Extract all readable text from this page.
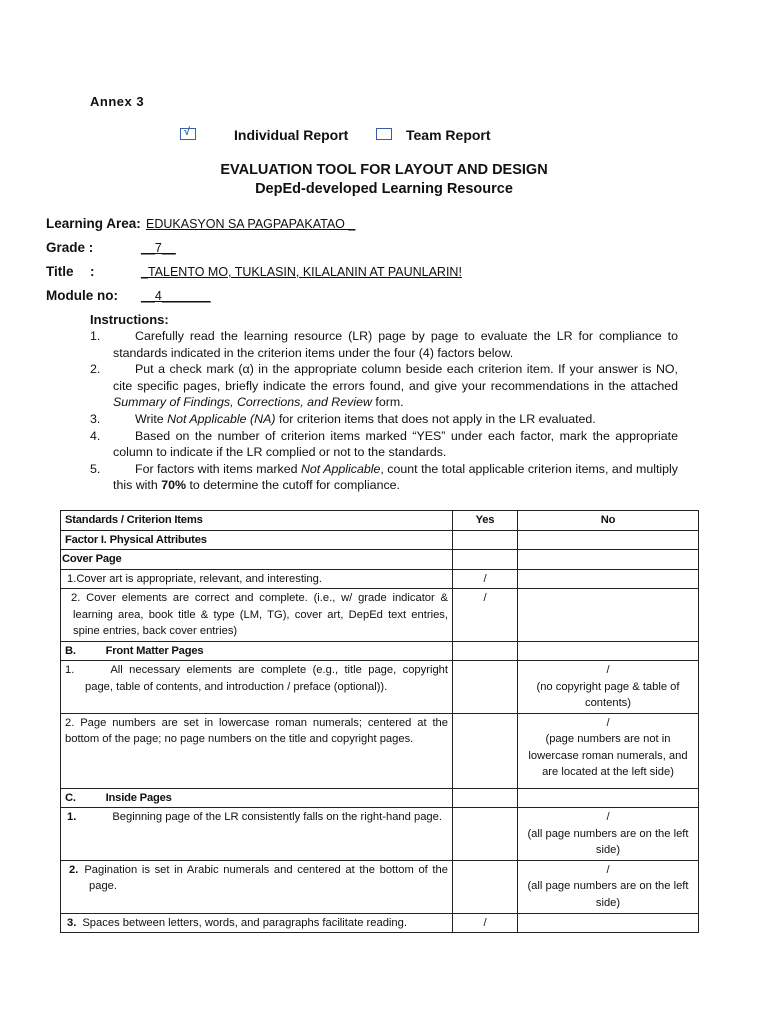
Annex 3
√	Individual Report	Team Report
EVALUATION TOOL FOR LAYOUT AND DESIGN
DepEd-developed Learning Resource
Learning Area: EDUKASYON SA PAGPAPAKATAO _
Grade :	__7__
Title :	_TALENTO MO, TUKLASIN, KILALANIN AT PAUNLARIN!
Module no: __4_______
Instructions:
1.	Carefully read the learning resource (LR) page by page to evaluate the LR for compliance to standards indicated in the criterion items under the four (4) factors below.
2.	Put a check mark (α) in the appropriate column beside each criterion item. If your answer is NO, cite specific pages, briefly indicate the errors found, and give your recommendations in the attached Summary of Findings, Corrections, and Review form.
3.	Write Not Applicable (NA) for criterion items that does not apply in the LR evaluated.
4.	Based on the number of criterion items marked “YES” under each factor, mark the appropriate column to indicate if the LR complied or not to the standards.
5.	For factors with items marked Not Applicable, count the total applicable criterion items, and multiply this with 70% to determine the cutoff for compliance.
Standards / Criterion Items	Yes	No
Factor I. Physical Attributes		
Cover Page		
1.Cover art is appropriate, relevant, and interesting.	/	
2. Cover elements are correct and complete. (i.e., w/ grade indicator & learning area, book title & type (LM, TG), cover art, DepEd text entries, spine entries, back cover entries)	/	
B. Front Matter Pages		
1. All necessary elements are complete (e.g., title page, copyright page, table of contents, and introduction / preface (optional)).		/
(no copyright page & table of contents)

2. Page numbers are set in lowercase roman numerals; centered at the bottom of the page; no page numbers on the title and copyright pages.		/
(page numbers are not in lowercase roman numerals, and are located at the left side)

C. Inside Pages		
1. Beginning page of the LR consistently falls on the right-hand page.		/
(all page numbers are on the left side)

2. Pagination is set in Arabic numerals and centered at the bottom of the page.		/
(all page numbers are on the left side)

3. Spaces between letters, words, and paragraphs facilitate reading.	/	
